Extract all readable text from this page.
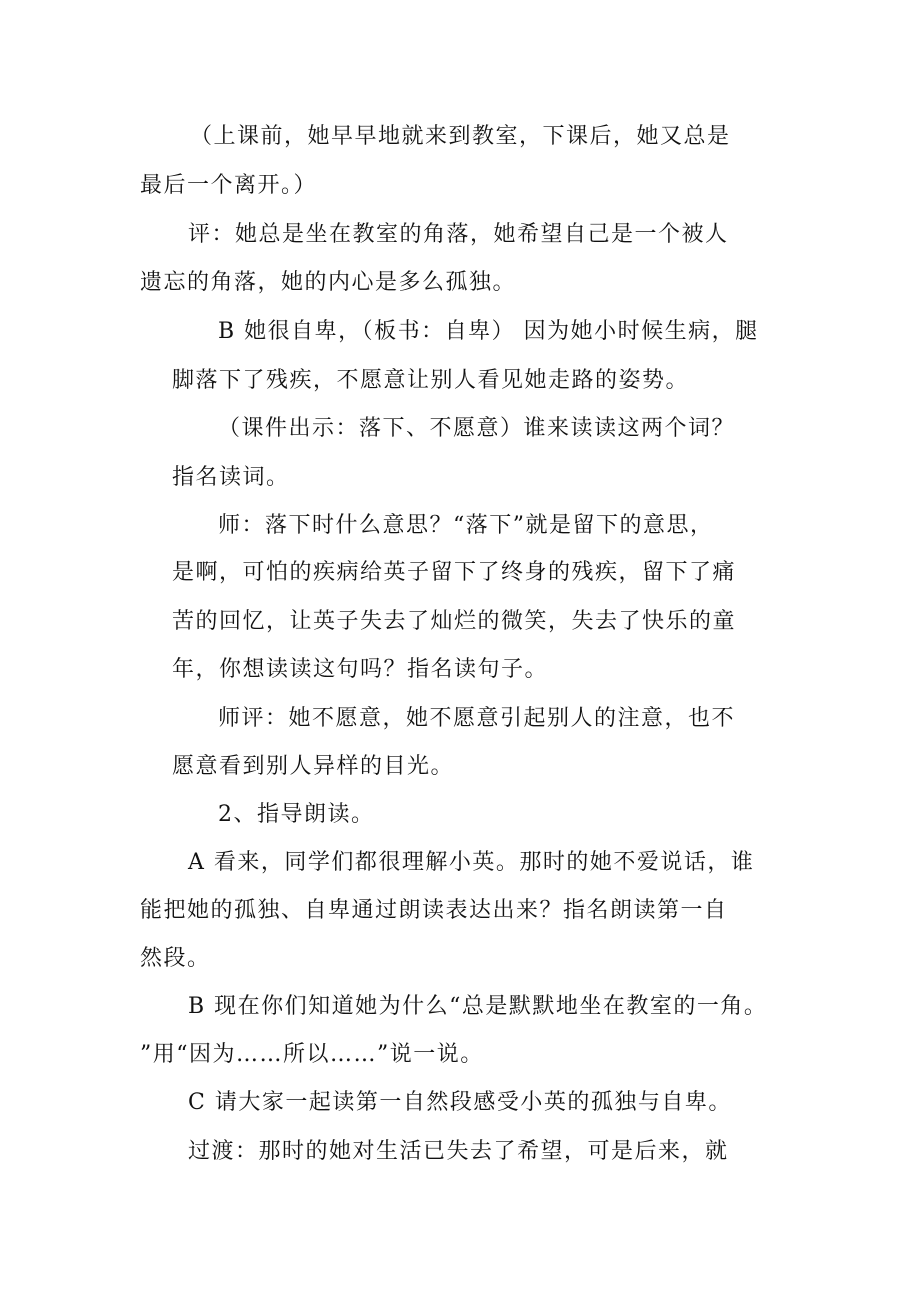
（上课前，她早早地就来到教室，下课后，她又总是
最后一个离开。）
评：她总是坐在教室的角落，她希望自己是一个被人
遗忘的角落，她的内心是多么孤独。
B 她很自卑，（板书：自卑） 因为她小时候生病，腿
脚落下了残疾，不愿意让别人看见她走路的姿势。
（课件出示：落下、不愿意）谁来读读这两个词？
指名读词。
师：落下时什么意思？“落下”就是留下的意思，
是啊，可怕的疾病给英子留下了终身的残疾，留下了痛
苦的回忆，让英子失去了灿烂的微笑，失去了快乐的童
年，你想读读这句吗？指名读句子。
师评：她不愿意，她不愿意引起别人的注意，也不
愿意看到别人异样的目光。
2、指导朗读。
A 看来，同学们都很理解小英。那时的她不爱说话，谁
能把她的孤独、自卑通过朗读表达出来？指名朗读第一自
然段。
B 现在你们知道她为什么“总是默默地坐在教室的一角。
”用“因为……所以……”说一说。
C 请大家一起读第一自然段感受小英的孤独与自卑。
过渡：那时的她对生活已失去了希望，可是后来，就
